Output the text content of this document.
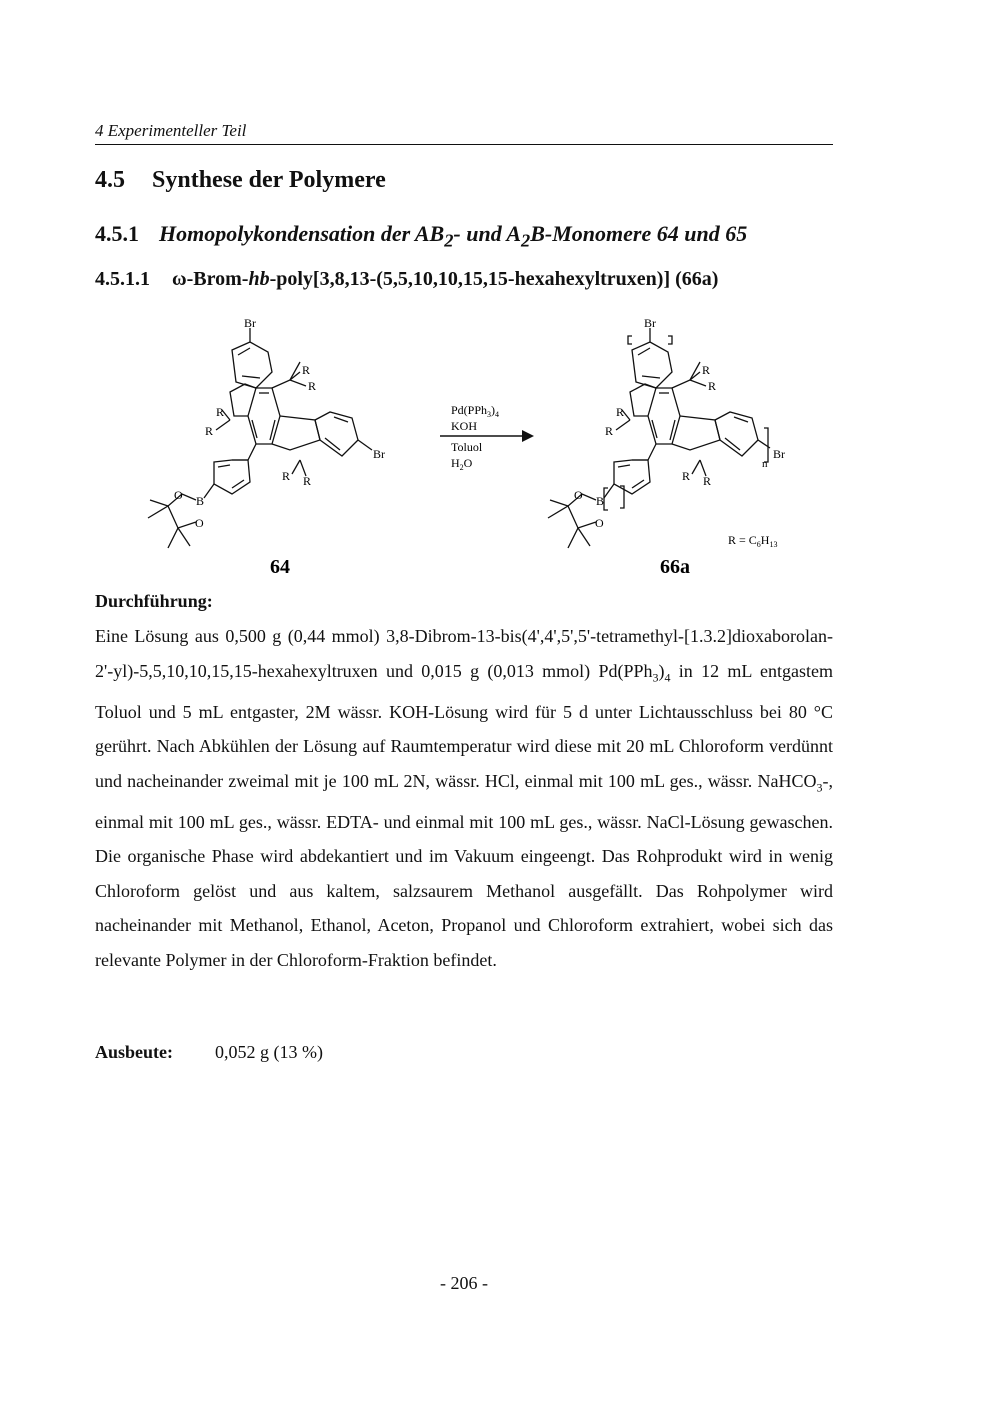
4 Experimenteller Teil
4.5 Synthese der Polymere
4.5.1 Homopolykondensation der $AB_2-$ und $A_2B$-Monomere 64 und 65
4.5.1.1 ω-Brom-hb-poly[3,8,13-(5,5,10,10,15,15-hexahexyltruxen)] (66a)
Br
Br
R
R
R
R
R R
B
O
O
64
$Pd(PPh_3)_4$
KOH
Toluol
$H_2O$
Br
Br
n
R
R
R
R
R R
B
O
O
$R = C_6H_{13}$
66a
Durchführung:

Eine Lösung aus 0,500 g (0,44 mmol) 3,8-Dibrom-13-bis(4',4',5',5'-tetramethyl-[1.3.2]dioxaborolan-2'-yl)-5,5,10,10,15,15-hexahexyltruxen und 0,015 g (0,013 mmol) $Pd(PPh_3)_4$ in 12 mL entgastem Toluol und 5 mL entgaster, 2M wässr. KOH-Lösung wird für 5 d unter Lichtausschluss bei 80 °C gerührt. Nach Abkühlen der Lösung auf Raumtemperatur wird diese mit 20 mL Chloroform verdünnt und nacheinander zweimal mit je 100 mL 2N, wässr. HCl, einmal mit 100 mL ges., wässr. NaHCO$_3$-, einmal mit 100 mL ges., wässr. EDTA- und einmal mit 100 mL ges., wässr. NaCl-Lösung gewaschen. Die organische Phase wird abdekantiert und im Vakuum eingeengt. Das Rohprodukt wird in wenig Chloroform gelöst und aus kaltem, salzsaurem Methanol ausgefällt. Das Rohpolymer wird nacheinander mit Methanol, Ethanol, Aceton, Propanol und Chloroform extrahiert, wobei sich das relevante Polymer in der Chloroform-Fraktion befindet.

Ausbeute: 0,052 g (13 %)
- 206 -
